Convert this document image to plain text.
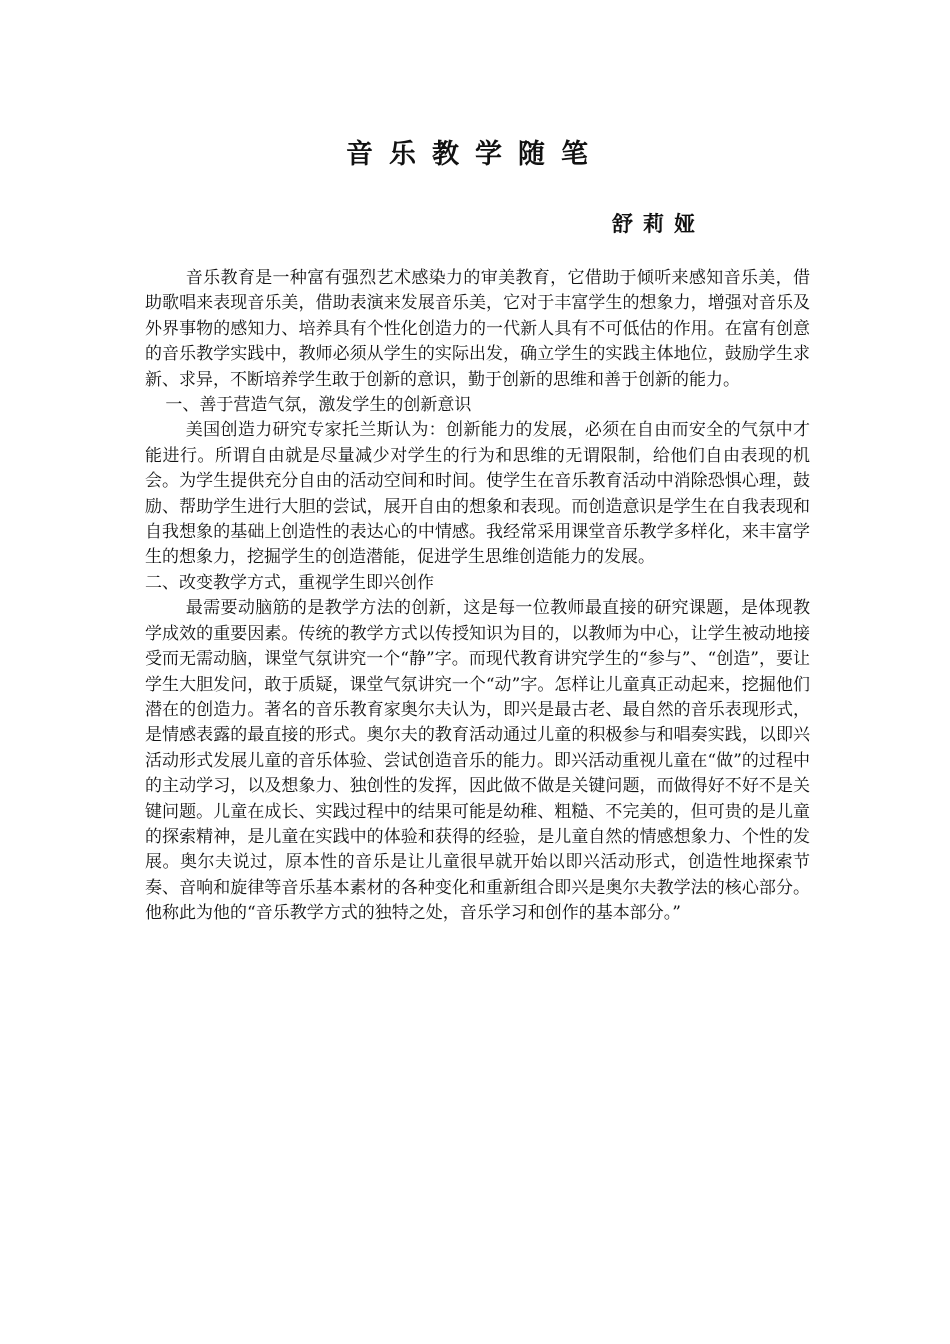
音乐教学随笔

舒莉娅

音乐教育是一种富有强烈艺术感染力的审美教育，它借助于倾听来感知音乐美，借助歌唱来表现音乐美，借助表演来发展音乐美，它对于丰富学生的想象力，增强对音乐及外界事物的感知力、培养具有个性化创造力的一代新人具有不可低估的作用。在富有创意的音乐教学实践中，教师必须从学生的实际出发，确立学生的实践主体地位，鼓励学生求新、求异，不断培养学生敢于创新的意识，勤于创新的思维和善于创新的能力。

一、善于营造气氛，激发学生的创新意识

美国创造力研究专家托兰斯认为：创新能力的发展，必须在自由而安全的气氛中才能进行。所谓自由就是尽量减少对学生的行为和思维的无谓限制，给他们自由表现的机会。为学生提供充分自由的活动空间和时间。使学生在音乐教育活动中消除恐惧心理，鼓励、帮助学生进行大胆的尝试，展开自由的想象和表现。而创造意识是学生在自我表现和自我想象的基础上创造性的表达心的中情感。我经常采用课堂音乐教学多样化，来丰富学生的想象力，挖掘学生的创造潜能，促进学生思维创造能力的发展。

二、改变教学方式，重视学生即兴创作

最需要动脑筋的是教学方法的创新，这是每一位教师最直接的研究课题，是体现教学成效的重要因素。传统的教学方式以传授知识为目的，以教师为中心，让学生被动地接受而无需动脑，课堂气氛讲究一个“静”字。而现代教育讲究学生的“参与”、“创造”，要让学生大胆发问，敢于质疑，课堂气氛讲究一个“动”字。怎样让儿童真正动起来，挖掘他们潜在的创造力。著名的音乐教育家奥尔夫认为，即兴是最古老、最自然的音乐表现形式，是情感表露的最直接的形式。奥尔夫的教育活动通过儿童的积极参与和唱奏实践，以即兴活动形式发展儿童的音乐体验、尝试创造音乐的能力。即兴活动重视儿童在“做”的过程中的主动学习，以及想象力、独创性的发挥，因此做不做是关键问题，而做得好不好不是关键问题。儿童在成长、实践过程中的结果可能是幼稚、粗糙、不完美的，但可贵的是儿童的探索精神，是儿童在实践中的体验和获得的经验，是儿童自然的情感想象力、个性的发展。奥尔夫说过，原本性的音乐是让儿童很早就开始以即兴活动形式，创造性地探索节奏、音响和旋律等音乐基本素材的各种变化和重新组合即兴是奥尔夫教学法的核心部分。他称此为他的“音乐教学方式的独特之处，音乐学习和创作的基本部分。”
